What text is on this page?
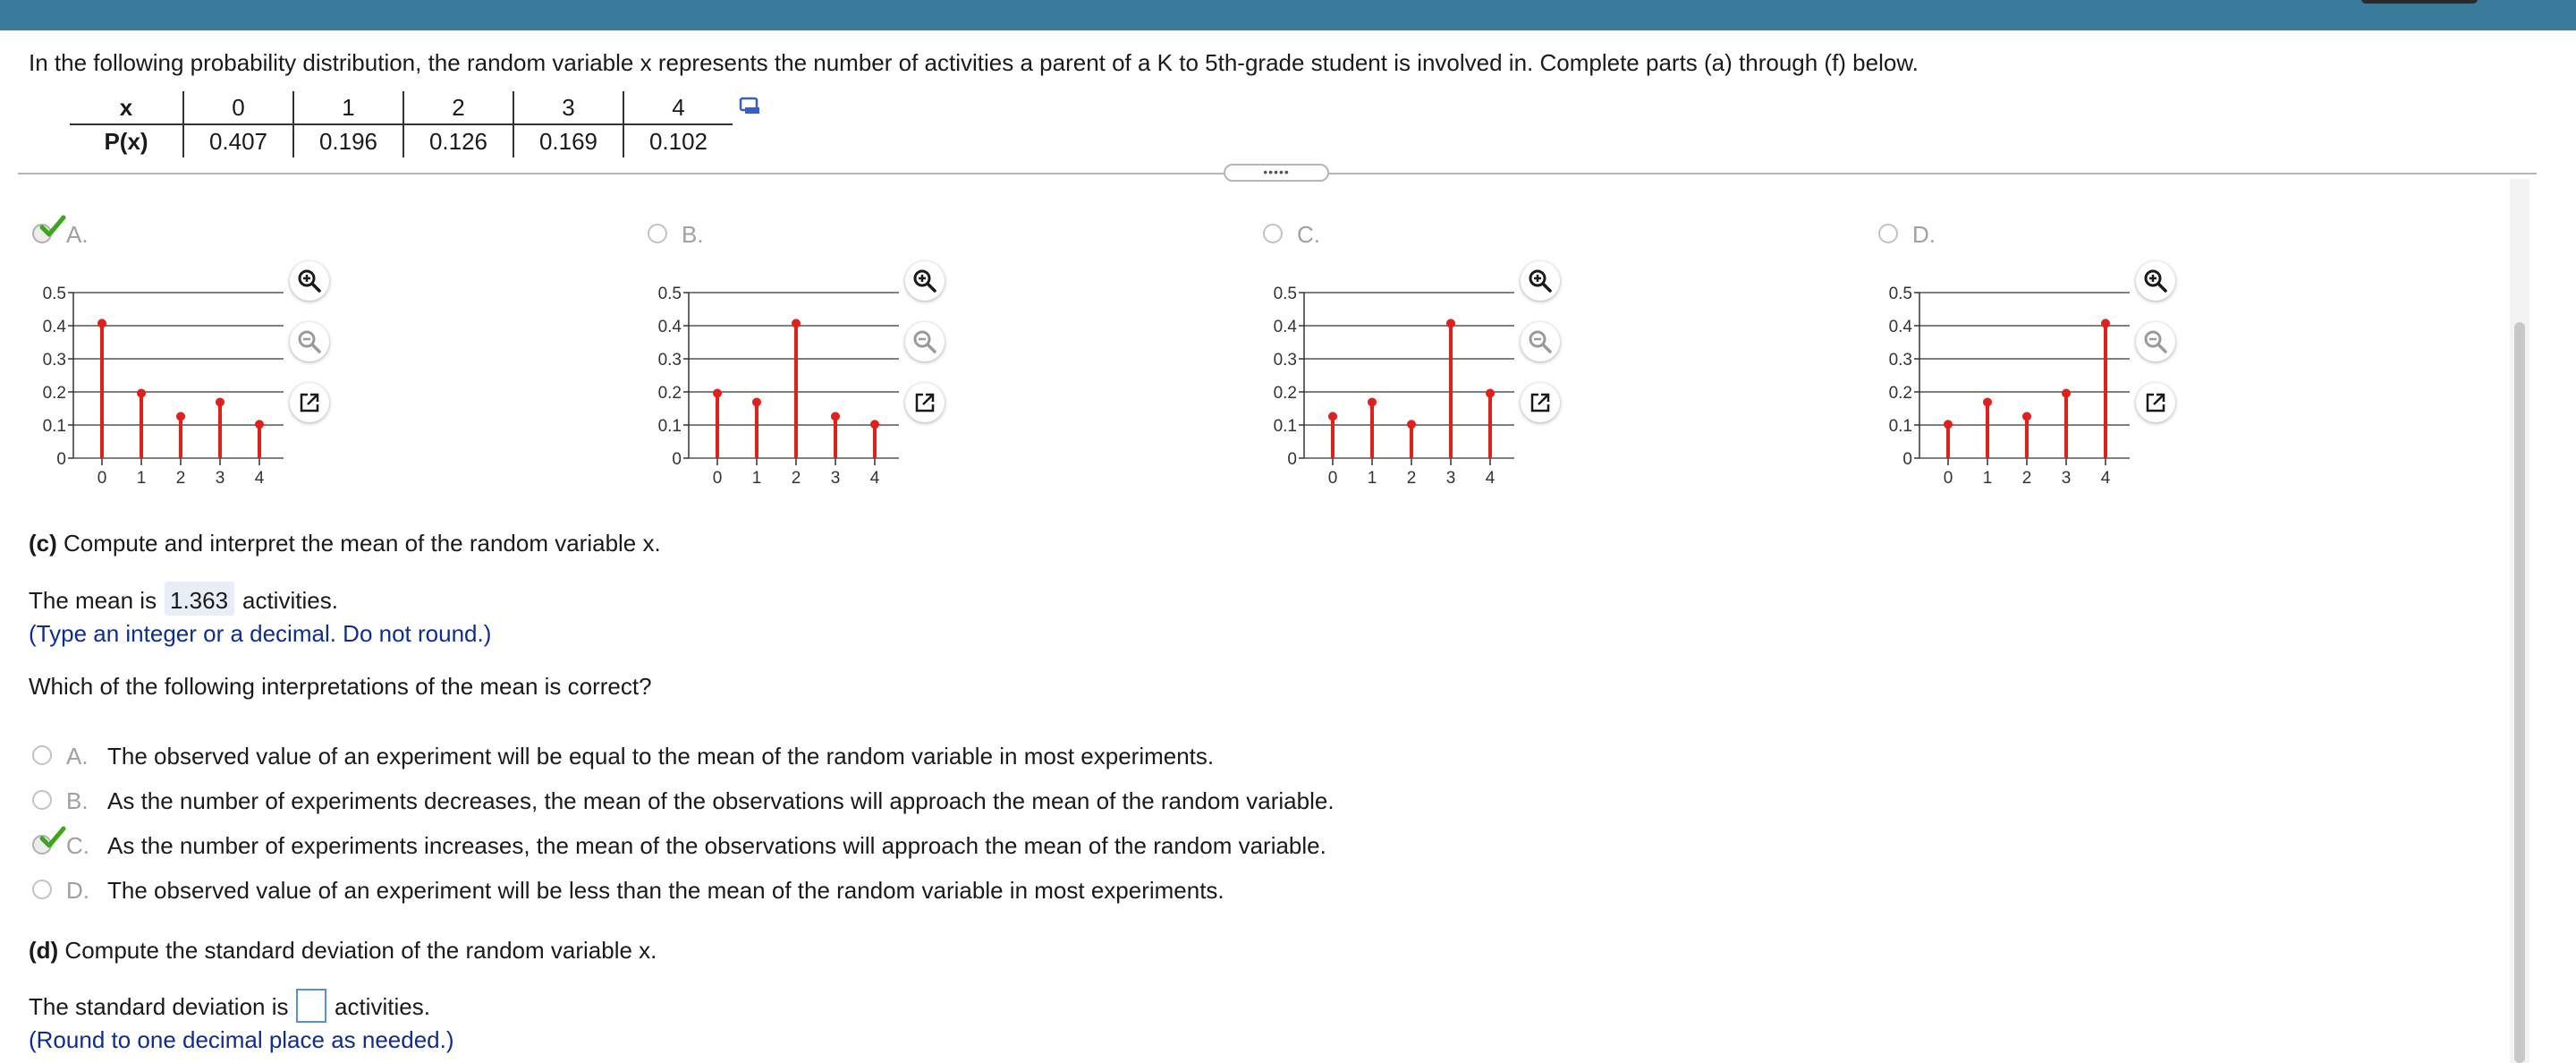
In the following probability distribution, the random variable x represents the number of activities a parent of a K to 5th-grade student is involved in. Complete parts (a) through (f) below.
x	0	1	2	3	4
P(x)	0.407	0.196	0.126	0.169	0.102
•••••
A.
0
0.1
0.2
0.3
0.4
0.5
0 1 2 3 4
B.
0
0.1
0.2
0.3
0.4
0.5
0 1 2 3 4
C.
0
0.1
0.2
0.3
0.4
0.5
0 1 2 3 4
D.
0
0.1
0.2
0.3
0.4
0.5
0 1 2 3 4
(c) Compute and interpret the mean of the random variable x.
The mean is 1.363 activities.
(Type an integer or a decimal. Do not round.)
Which of the following interpretations of the mean is correct?
A. The observed value of an experiment will be equal to the mean of the random variable in most experiments.
B. As the number of experiments decreases, the mean of the observations will approach the mean of the random variable.
C. As the number of experiments increases, the mean of the observations will approach the mean of the random variable.
D. The observed value of an experiment will be less than the mean of the random variable in most experiments.
(d) Compute the standard deviation of the random variable x.
The standard deviation is activities.
(Round to one decimal place as needed.)
